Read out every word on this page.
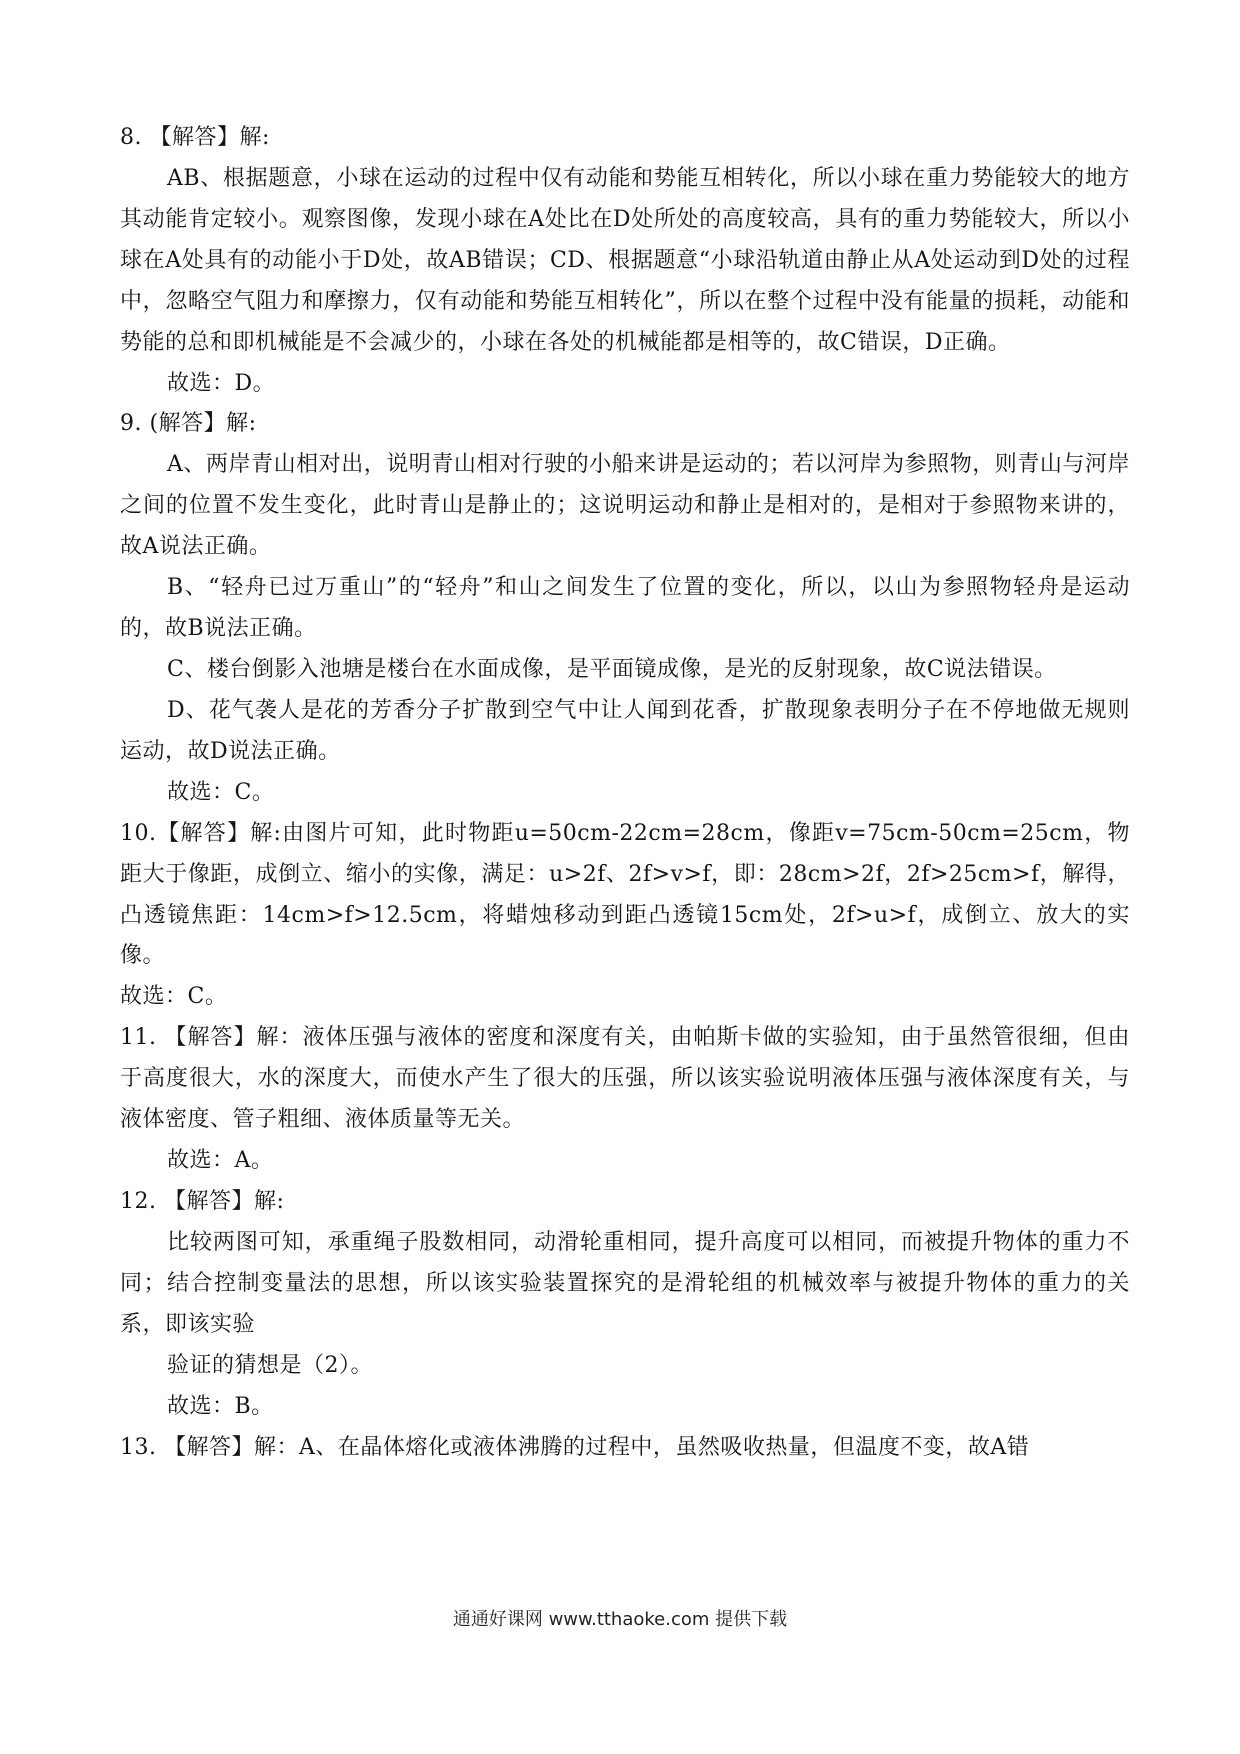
8. 【解答】解:

AB、根据题意，小球在运动的过程中仅有动能和势能互相转化，所以小球在重力势能较大的地方其动能肯定较小。观察图像，发现小球在A处比在D处所处的高度较高，具有的重力势能较大，所以小球在A处具有的动能小于D处，故AB错误；CD、根据题意“小球沿轨道由静止从A处运动到D处的过程中，忽略空气阻力和摩擦力，仅有动能和势能互相转化”，所以在整个过程中没有能量的损耗，动能和势能的总和即机械能是不会减少的，小球在各处的机械能都是相等的，故C错误，D正确。

故选：D。

9. (解答】解:

A、两岸青山相对出，说明青山相对行驶的小船来讲是运动的；若以河岸为参照物，则青山与河岸之间的位置不发生变化，此时青山是静止的；这说明运动和静止是相对的，是相对于参照物来讲的，故A说法正确。

B、“轻舟已过万重山”的“轻舟”和山之间发生了位置的变化，所以，以山为参照物轻舟是运动的，故B说法正确。

C、楼台倒影入池塘是楼台在水面成像，是平面镜成像，是光的反射现象，故C说法错误。

D、花气袭人是花的芳香分子扩散到空气中让人闻到花香，扩散现象表明分子在不停地做无规则运动，故D说法正确。

故选：C。

10.【解答】解:由图片可知，此时物距u=50cm-22cm=28cm，像距v=75cm-50cm=25cm，物距大于像距，成倒立、缩小的实像，满足：u>2f、2f>v>f，即：28cm>2f，2f>25cm>f，解得，凸透镜焦距：14cm>f>12.5cm，将蜡烛移动到距凸透镜15cm处，2f>u>f，成倒立、放大的实像。

故选：C。

11. 【解答】解：液体压强与液体的密度和深度有关，由帕斯卡做的实验知，由于虽然管很细，但由于高度很大，水的深度大，而使水产生了很大的压强，所以该实验说明液体压强与液体深度有关，与液体密度、管子粗细、液体质量等无关。

故选：A。

12. 【解答】解:

比较两图可知，承重绳子股数相同，动滑轮重相同，提升高度可以相同，而被提升物体的重力不同；结合控制变量法的思想，所以该实验装置探究的是滑轮组的机械效率与被提升物体的重力的关系，即该实验

验证的猜想是（2）。

故选：B。

13. 【解答】解：A、在晶体熔化或液体沸腾的过程中，虽然吸收热量，但温度不变，故A错

通通好课网 www.tthaoke.com 提供下载
